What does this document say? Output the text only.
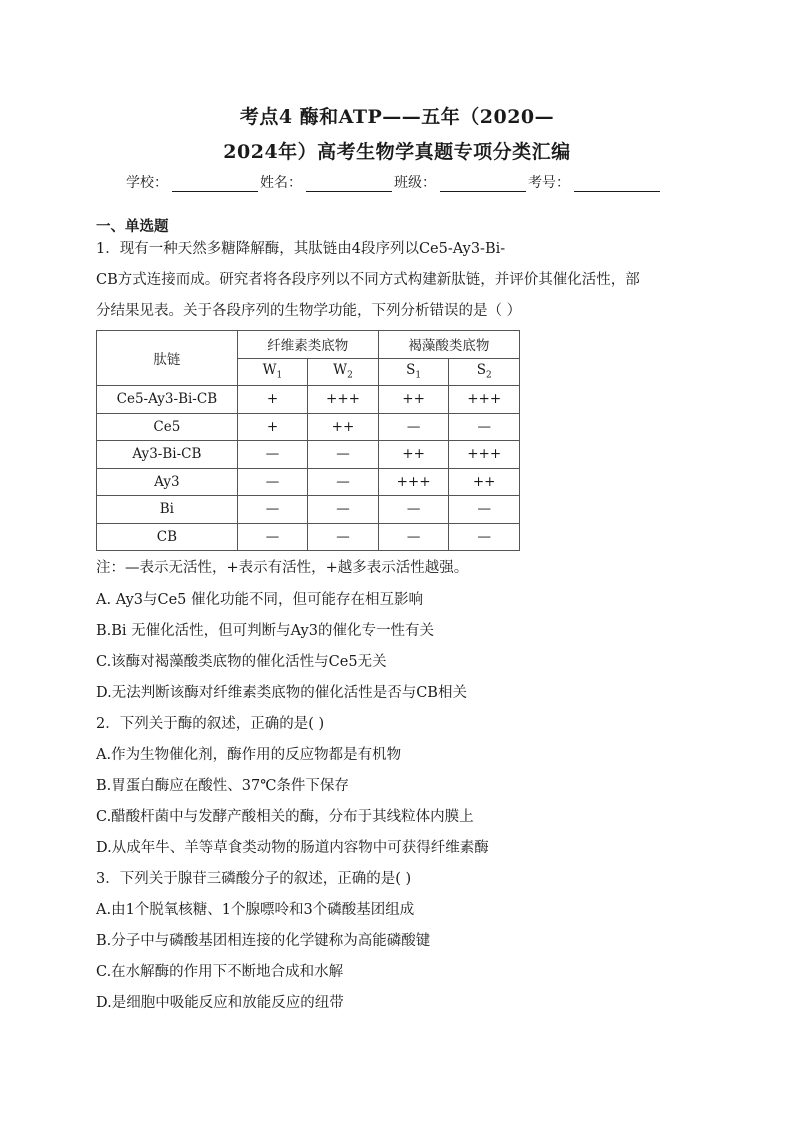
考点4 酶和ATP——五年（2020—
2024年）高考生物学真题专项分类汇编
学校：	姓名：	班级：	考号：
一、单选题
1．现有一种天然多糖降解酶，其肽链由4段序列以Ce5-Ay3-Bi-
CB方式连接而成。研究者将各段序列以不同方式构建新肽链，并评价其催化活性，部
分结果见表。关于各段序列的生物学功能，下列分析错误的是（ ）
肽链	纤维素类底物		褐藻酸类底物	
	$W_1$	$W_2$	$S_1$	$S_2$
Ce5-Ay3-Bi-CB	+	+++	++	+++
Ce5	+	++	—	—
Ay3-Bi-CB	—	—	++	+++
Ay3	—	—	+++	++
Bi	—	—	—	—
CB	—	—	—	—
注：—表示无活性，+表示有活性，+越多表示活性越强。
A. Ay3与Ce5 催化功能不同，但可能存在相互影响
B.Bi 无催化活性，但可判断与Ay3的催化专一性有关
C.该酶对褐藻酸类底物的催化活性与Ce5无关
D.无法判断该酶对纤维素类底物的催化活性是否与CB相关
2．下列关于酶的叙述，正确的是( )
A.作为生物催化剂，酶作用的反应物都是有机物
B.胃蛋白酶应在酸性、37℃条件下保存
C.醋酸杆菌中与发酵产酸相关的酶，分布于其线粒体内膜上
D.从成年牛、羊等草食类动物的肠道内容物中可获得纤维素酶
3．下列关于腺苷三磷酸分子的叙述，正确的是( )
A.由1个脱氧核糖、1个腺嘌呤和3个磷酸基团组成
B.分子中与磷酸基团相连接的化学键称为高能磷酸键
C.在水解酶的作用下不断地合成和水解
D.是细胞中吸能反应和放能反应的纽带
